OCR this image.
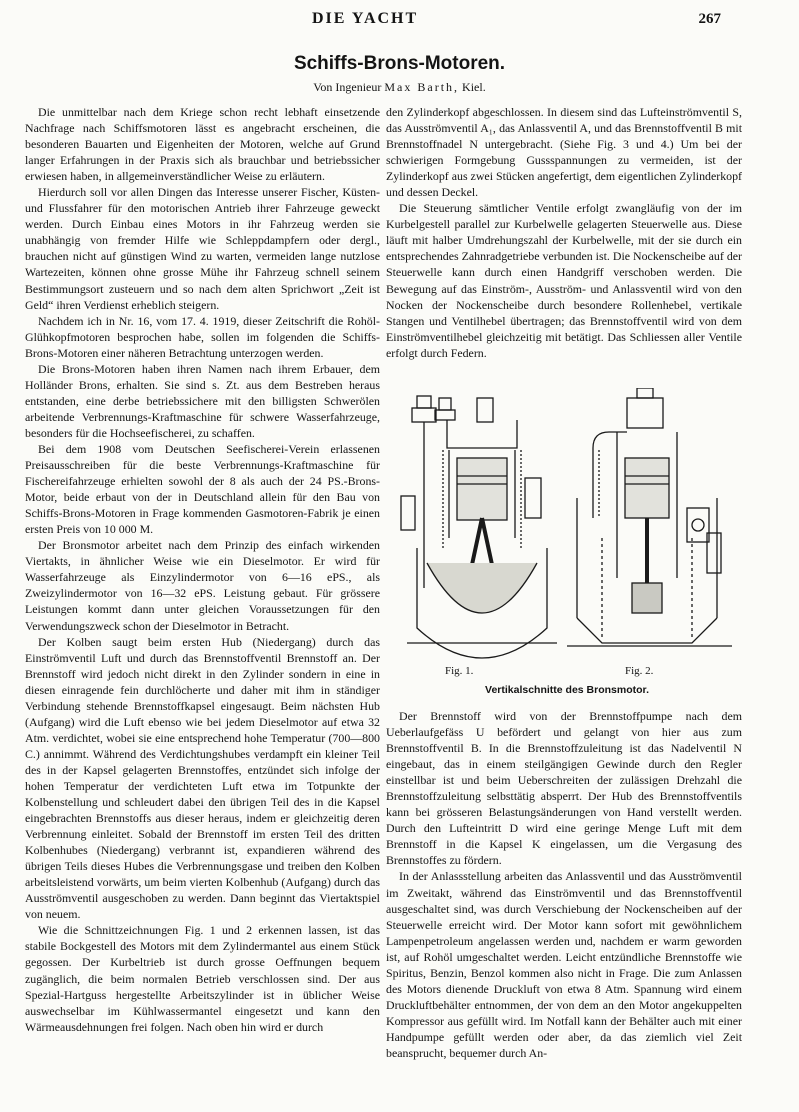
DIE YACHT	267
Schiffs-Brons-Motoren.
Von Ingenieur Max Barth, Kiel.

Die unmittelbar nach dem Kriege schon recht lebhaft einsetzende Nachfrage nach Schiffsmotoren lässt es angebracht erscheinen, die besonderen Bauarten und Eigenheiten der Motoren, welche auf Grund langer Erfahrungen in der Praxis sich als brauchbar und betriebssicher erwiesen haben, in allgemeinverständlicher Weise zu erläutern.

Hierdurch soll vor allen Dingen das Interesse unserer Fischer, Küsten- und Flussfahrer für den motorischen Antrieb ihrer Fahrzeuge geweckt werden. Durch Einbau eines Motors in ihr Fahrzeug werden sie unabhängig von fremder Hilfe wie Schleppdampfern oder dergl., brauchen nicht auf günstigen Wind zu warten, vermeiden lange nutzlose Wartezeiten, können ohne grosse Mühe ihr Fahrzeug schnell seinem Bestimmungsort zusteuern und so nach dem alten Sprichwort „Zeit ist Geld“ ihren Verdienst erheblich steigern.

Nachdem ich in Nr. 16, vom 17. 4. 1919, dieser Zeitschrift die Rohöl-Glühkopfmotoren besprochen habe, sollen im folgenden die Schiffs-Brons-Motoren einer näheren Betrachtung unterzogen werden.

Die Brons-Motoren haben ihren Namen nach ihrem Erbauer, dem Holländer Brons, erhalten. Sie sind s. Zt. aus dem Bestreben heraus entstanden, eine derbe betriebssichere mit den billigsten Schwerölen arbeitende Verbrennungs-Kraftmaschine für schwere Wasserfahrzeuge, besonders für die Hochseefischerei, zu schaffen.

Bei dem 1908 vom Deutschen Seefischerei-Verein erlassenen Preisausschreiben für die beste Verbrennungs-Kraftmaschine für Fischereifahrzeuge erhielten sowohl der 8 als auch der 24 PS.-Brons-Motor, beide erbaut von der in Deutschland allein für den Bau von Schiffs-Brons-Motoren in Frage kommenden Gasmotoren-Fabrik je einen ersten Preis von 10 000 M.

Der Bronsmotor arbeitet nach dem Prinzip des einfach wirkenden Viertakts, in ähnlicher Weise wie ein Dieselmotor. Er wird für Wasserfahrzeuge als Einzylindermotor von 6—16 ePS., als Zweizylindermotor von 16—32 ePS. Leistung gebaut. Für grössere Leistungen kommt dann unter gleichen Voraussetzungen für den Verwendungszweck schon der Dieselmotor in Betracht.

Der Kolben saugt beim ersten Hub (Niedergang) durch das Einströmventil Luft und durch das Brennstoffventil Brennstoff an. Der Brennstoff wird jedoch nicht direkt in den Zylinder sondern in eine in diesen einragende fein durchlöcherte und daher mit ihm in ständiger Verbindung stehende Brennstoffkapsel eingesaugt. Beim nächsten Hub (Aufgang) wird die Luft ebenso wie bei jedem Dieselmotor auf etwa 32 Atm. verdichtet, wobei sie eine entsprechend hohe Temperatur (700—800 C.) annimmt. Während des Verdichtungshubes verdampft ein kleiner Teil des in der Kapsel gelagerten Brennstoffes, entzündet sich infolge der hohen Temperatur der verdichteten Luft etwa im Totpunkte der Kolbenstellung und schleudert dabei den übrigen Teil des in die Kapsel eingebrachten Brennstoffs aus dieser heraus, indem er gleichzeitig deren Verbrennung einleitet. Sobald der Brennstoff im ersten Teil des dritten Kolbenhubes (Niedergang) verbrannt ist, expandieren während des übrigen Teils dieses Hubes die Verbrennungsgase und treiben den Kolben arbeitsleistend vorwärts, um beim vierten Kolbenhub (Aufgang) durch das Ausströmventil ausgeschoben zu werden. Dann beginnt das Viertaktspiel von neuem.

Wie die Schnittzeichnungen Fig. 1 und 2 erkennen lassen, ist das stabile Bockgestell des Motors mit dem Zylindermantel aus einem Stück gegossen. Der Kurbeltrieb ist durch grosse Oeffnungen bequem zugänglich, die beim normalen Betrieb verschlossen sind. Der aus Spezial-Hartguss hergestellte Arbeitszylinder ist in üblicher Weise auswechselbar im Kühlwassermantel eingesetzt und kann den Wärmeausdehnungen frei folgen. Nach oben hin wird er durch

den Zylinderkopf abgeschlossen. In diesem sind das Lufteinströmventil S, das Ausströmventil A₁, das Anlassventil A, und das Brennstoffventil B mit Brennstoffnadel N untergebracht. (Siehe Fig. 3 und 4.) Um bei der schwierigen Formgebung Gussspannungen zu vermeiden, ist der Zylinderkopf aus zwei Stücken angefertigt, dem eigentlichen Zylinderkopf und dessen Deckel.

Die Steuerung sämtlicher Ventile erfolgt zwangläufig von der im Kurbelgestell parallel zur Kurbelwelle gelagerten Steuerwelle aus. Diese läuft mit halber Umdrehungszahl der Kurbelwelle, mit der sie durch ein entsprechendes Zahnradgetriebe verbunden ist. Die Nockenscheibe auf der Steuerwelle kann durch einen Handgriff verschoben werden. Die Bewegung auf das Einström-, Ausström- und Anlassventil wird von den Nocken der Nockenscheibe durch besondere Rollenhebel, vertikale Stangen und Ventilhebel übertragen; das Brennstoffventil wird von dem Einströmventilhebel gleichzeitig mit betätigt. Das Schliessen aller Ventile erfolgt durch Federn.

Fig. 1.	Fig. 2.
Vertikalschnitte des Bronsmotor.

Der Brennstoff wird von der Brennstoffpumpe nach dem Ueberlaufgefäss U befördert und gelangt von hier aus zum Brennstoffventil B. In die Brennstoffzuleitung ist das Nadelventil N eingebaut, das in einem steilgängigen Gewinde durch den Regler einstellbar ist und beim Ueberschreiten der zulässigen Drehzahl die Brennstoffzuleitung selbsttätig absperrt. Der Hub des Brennstoffventils kann bei grösseren Belastungsänderungen von Hand verstellt werden. Durch den Lufteintritt D wird eine geringe Menge Luft mit dem Brennstoff in die Kapsel K eingelassen, um die Vergasung des Brennstoffes zu fördern.

In der Anlassstellung arbeiten das Anlassventil und das Ausströmventil im Zweitakt, während das Einströmventil und das Brennstoffventil ausgeschaltet sind, was durch Verschiebung der Nockenscheiben auf der Steuerwelle erreicht wird. Der Motor kann sofort mit gewöhnlichem Lampenpetroleum angelassen werden und, nachdem er warm geworden ist, auf Rohöl umgeschaltet werden. Leicht entzündliche Brennstoffe wie Spiritus, Benzin, Benzol kommen also nicht in Frage. Die zum Anlassen des Motors dienende Druckluft von etwa 8 Atm. Spannung wird einem Druckluftbehälter entnommen, der von dem an den Motor angekuppelten Kompressor aus gefüllt wird. Im Notfall kann der Behälter auch mit einer Handpumpe gefüllt werden oder aber, da das ziemlich viel Zeit beansprucht, bequemer durch An-
